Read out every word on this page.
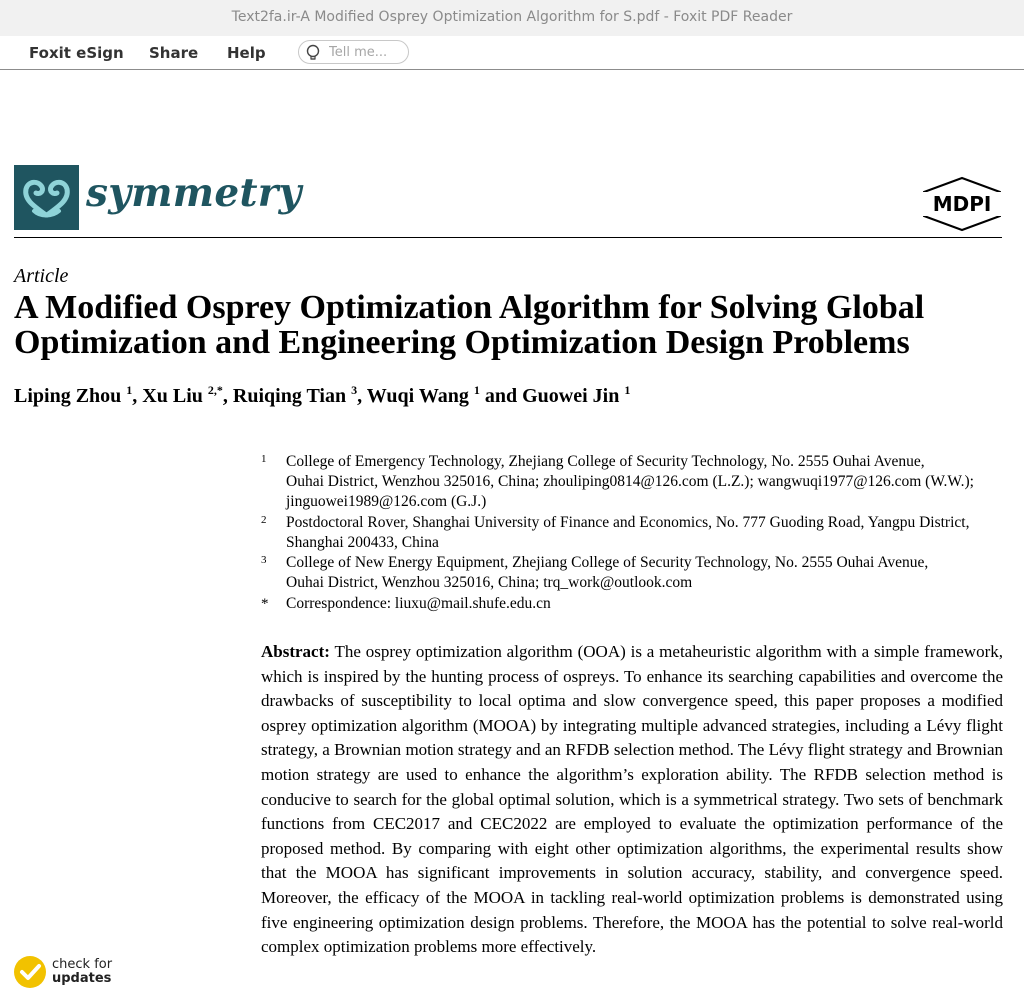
Text2fa.ir-A Modified Osprey Optimization Algorithm for S.pdf - Foxit PDF Reader
Foxit eSign Share Help
Tell me...
symmetry	MDPI
Article
A Modified Osprey Optimization Algorithm for Solving Global Optimization and Engineering Optimization Design Problems
Liping Zhou $^1$, Xu Liu $^{2,*}$, Ruiqing Tian $^3$, Wuqi Wang $^1$ and Guowei Jin $^1$
1 College of Emergency Technology, Zhejiang College of Security Technology, No. 2555 Ouhai Avenue,
Ouhai District, Wenzhou 325016, China; zhouliping0814@126.com (L.Z.); wangwuqi1977@126.com (W.W.);
jinguowei1989@126.com (G.J.)
2 Postdoctoral Rover, Shanghai University of Finance and Economics, No. 777 Guoding Road, Yangpu District,
Shanghai 200433, China
3 College of New Energy Equipment, Zhejiang College of Security Technology, No. 2555 Ouhai Avenue,
Ouhai District, Wenzhou 325016, China; trq_work@outlook.com
* Correspondence: liuxu@mail.shufe.edu.cn
Abstract: The osprey optimization algorithm (OOA) is a metaheuristic algorithm with a simple framework, which is inspired by the hunting process of ospreys. To enhance its searching capabilities and overcome the drawbacks of susceptibility to local optima and slow convergence speed, this paper proposes a modified osprey optimization algorithm (MOOA) by integrating multiple advanced strategies, including a Lévy flight strategy, a Brownian motion strategy and an RFDB selection method. The Lévy flight strategy and Brownian motion strategy are used to enhance the algorithm’s exploration ability. The RFDB selection method is conducive to search for the global optimal solution, which is a symmetrical strategy. Two sets of benchmark functions from CEC2017 and CEC2022 are employed to evaluate the optimization performance of the proposed method. By comparing with eight other optimization algorithms, the experimental results show that the MOOA has significant improvements in solution accuracy, stability, and convergence speed. Moreover, the efficacy of the MOOA in tackling real-world optimization problems is demonstrated using five engineering optimization design problems. Therefore, the MOOA has the potential to solve real-world complex optimization problems more effectively.
check for
updates
